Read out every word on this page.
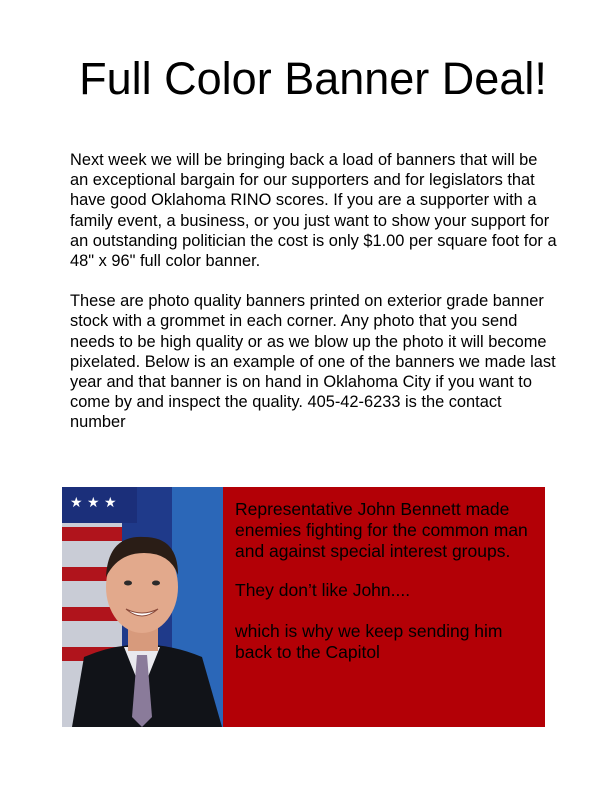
Full Color Banner Deal!

Next week we will be bringing back a load of banners that will be an exceptional bargain for our supporters and for legislators that have good Oklahoma RINO scores. If you are a supporter with a family event, a business, or you just want to show your support for an outstanding politician the cost is only $1.00 per square foot for a 48" x 96" full color banner.

These are photo quality banners printed on exterior grade banner stock with a grommet in each corner. Any photo that you send needs to be high quality or as we blow up the photo it will become pixelated. Below is an example of one of the banners we made last year and that banner is on hand in Oklahoma City if you want to come by and inspect the quality. 405-42-6233 is the contact number

★ ★ ★	Representative John Bennett made enemies fighting for the common man and against special interest groups.
They don’t like John....
which is why we keep sending him back to the Capitol
